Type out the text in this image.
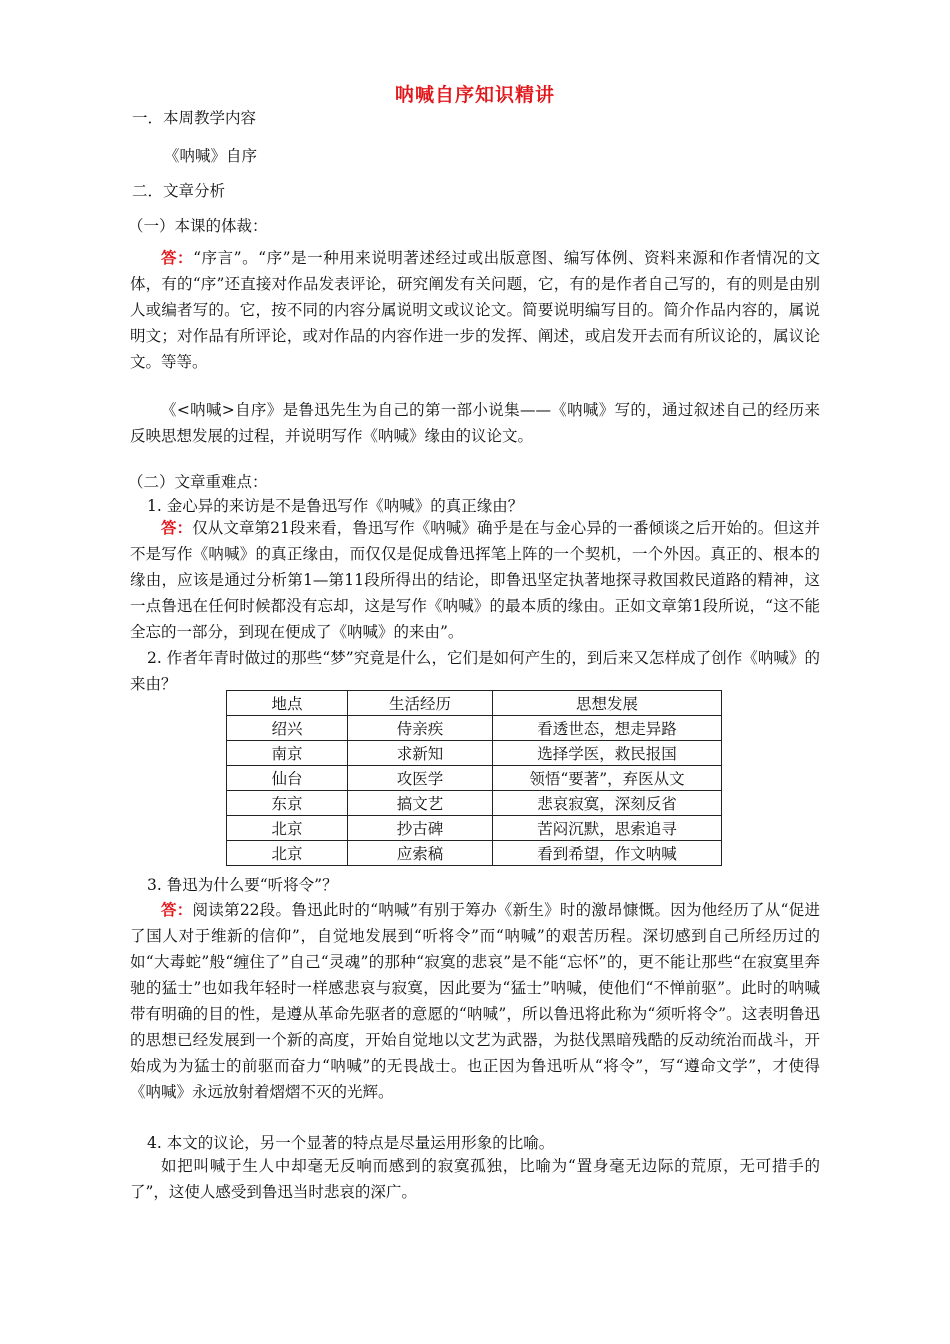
呐喊自序知识精讲
一．本周教学内容
《呐喊》自序
二．文章分析
（一）本课的体裁：
答：“序言”。“序”是一种用来说明著述经过或出版意图、编写体例、资料来源和作者情况的文体，有的“序”还直接对作品发表评论，研究阐发有关问题，它，有的是作者自己写的，有的则是由别人或编者写的。它，按不同的内容分属说明文或议论文。简要说明编写目的。简介作品内容的，属说明文；对作品有所评论，或对作品的内容作进一步的发挥、阐述，或启发开去而有所议论的，属议论文。等等。
《<呐喊>自序》是鲁迅先生为自己的第一部小说集——《呐喊》写的，通过叙述自己的经历来反映思想发展的过程，并说明写作《呐喊》缘由的议论文。
（二）文章重难点：
1. 金心异的来访是不是鲁迅写作《呐喊》的真正缘由？
答：仅从文章第21段来看，鲁迅写作《呐喊》确乎是在与金心异的一番倾谈之后开始的。但这并不是写作《呐喊》的真正缘由，而仅仅是促成鲁迅挥笔上阵的一个契机，一个外因。真正的、根本的缘由，应该是通过分析第1—第11段所得出的结论，即鲁迅坚定执著地探寻救国救民道路的精神，这一点鲁迅在任何时候都没有忘却，这是写作《呐喊》的最本质的缘由。正如文章第1段所说，“这不能全忘的一部分，到现在便成了《呐喊》的来由”。
2. 作者年青时做过的那些“梦”究竟是什么，它们是如何产生的，到后来又怎样成了创作《呐喊》的来由？
地点	生活经历	思想发展
绍兴	侍亲疾	看透世态，想走异路
南京	求新知	选择学医，救民报国
仙台	攻医学	领悟“要著”，弃医从文
东京	搞文艺	悲哀寂寞，深刻反省
北京	抄古碑	苦闷沉默，思索追寻
北京	应索稿	看到希望，作文呐喊
3. 鲁迅为什么要“听将令”？
答：阅读第22段。鲁迅此时的“呐喊”有别于筹办《新生》时的激昂慷慨。因为他经历了从“促进了国人对于维新的信仰”，自觉地发展到“听将令”而“呐喊”的艰苦历程。深切感到自己所经历过的如“大毒蛇”般“缠住了”自己“灵魂”的那种“寂寞的悲哀”是不能“忘怀”的，更不能让那些“在寂寞里奔驰的猛士”也如我年轻时一样感悲哀与寂寞，因此要为“猛士”呐喊，使他们“不惮前驱”。此时的呐喊带有明确的目的性，是遵从革命先驱者的意愿的“呐喊”，所以鲁迅将此称为“须听将令”。这表明鲁迅的思想已经发展到一个新的高度，开始自觉地以文艺为武器，为挞伐黑暗残酷的反动统治而战斗，开始成为为猛士的前驱而奋力“呐喊”的无畏战士。也正因为鲁迅听从“将令”，写“遵命文学”，才使得《呐喊》永远放射着熠熠不灭的光辉。
4. 本文的议论，另一个显著的特点是尽量运用形象的比喻。
如把叫喊于生人中却毫无反响而感到的寂寞孤独，比喻为“置身毫无边际的荒原，无可措手的了”，这使人感受到鲁迅当时悲哀的深广。
